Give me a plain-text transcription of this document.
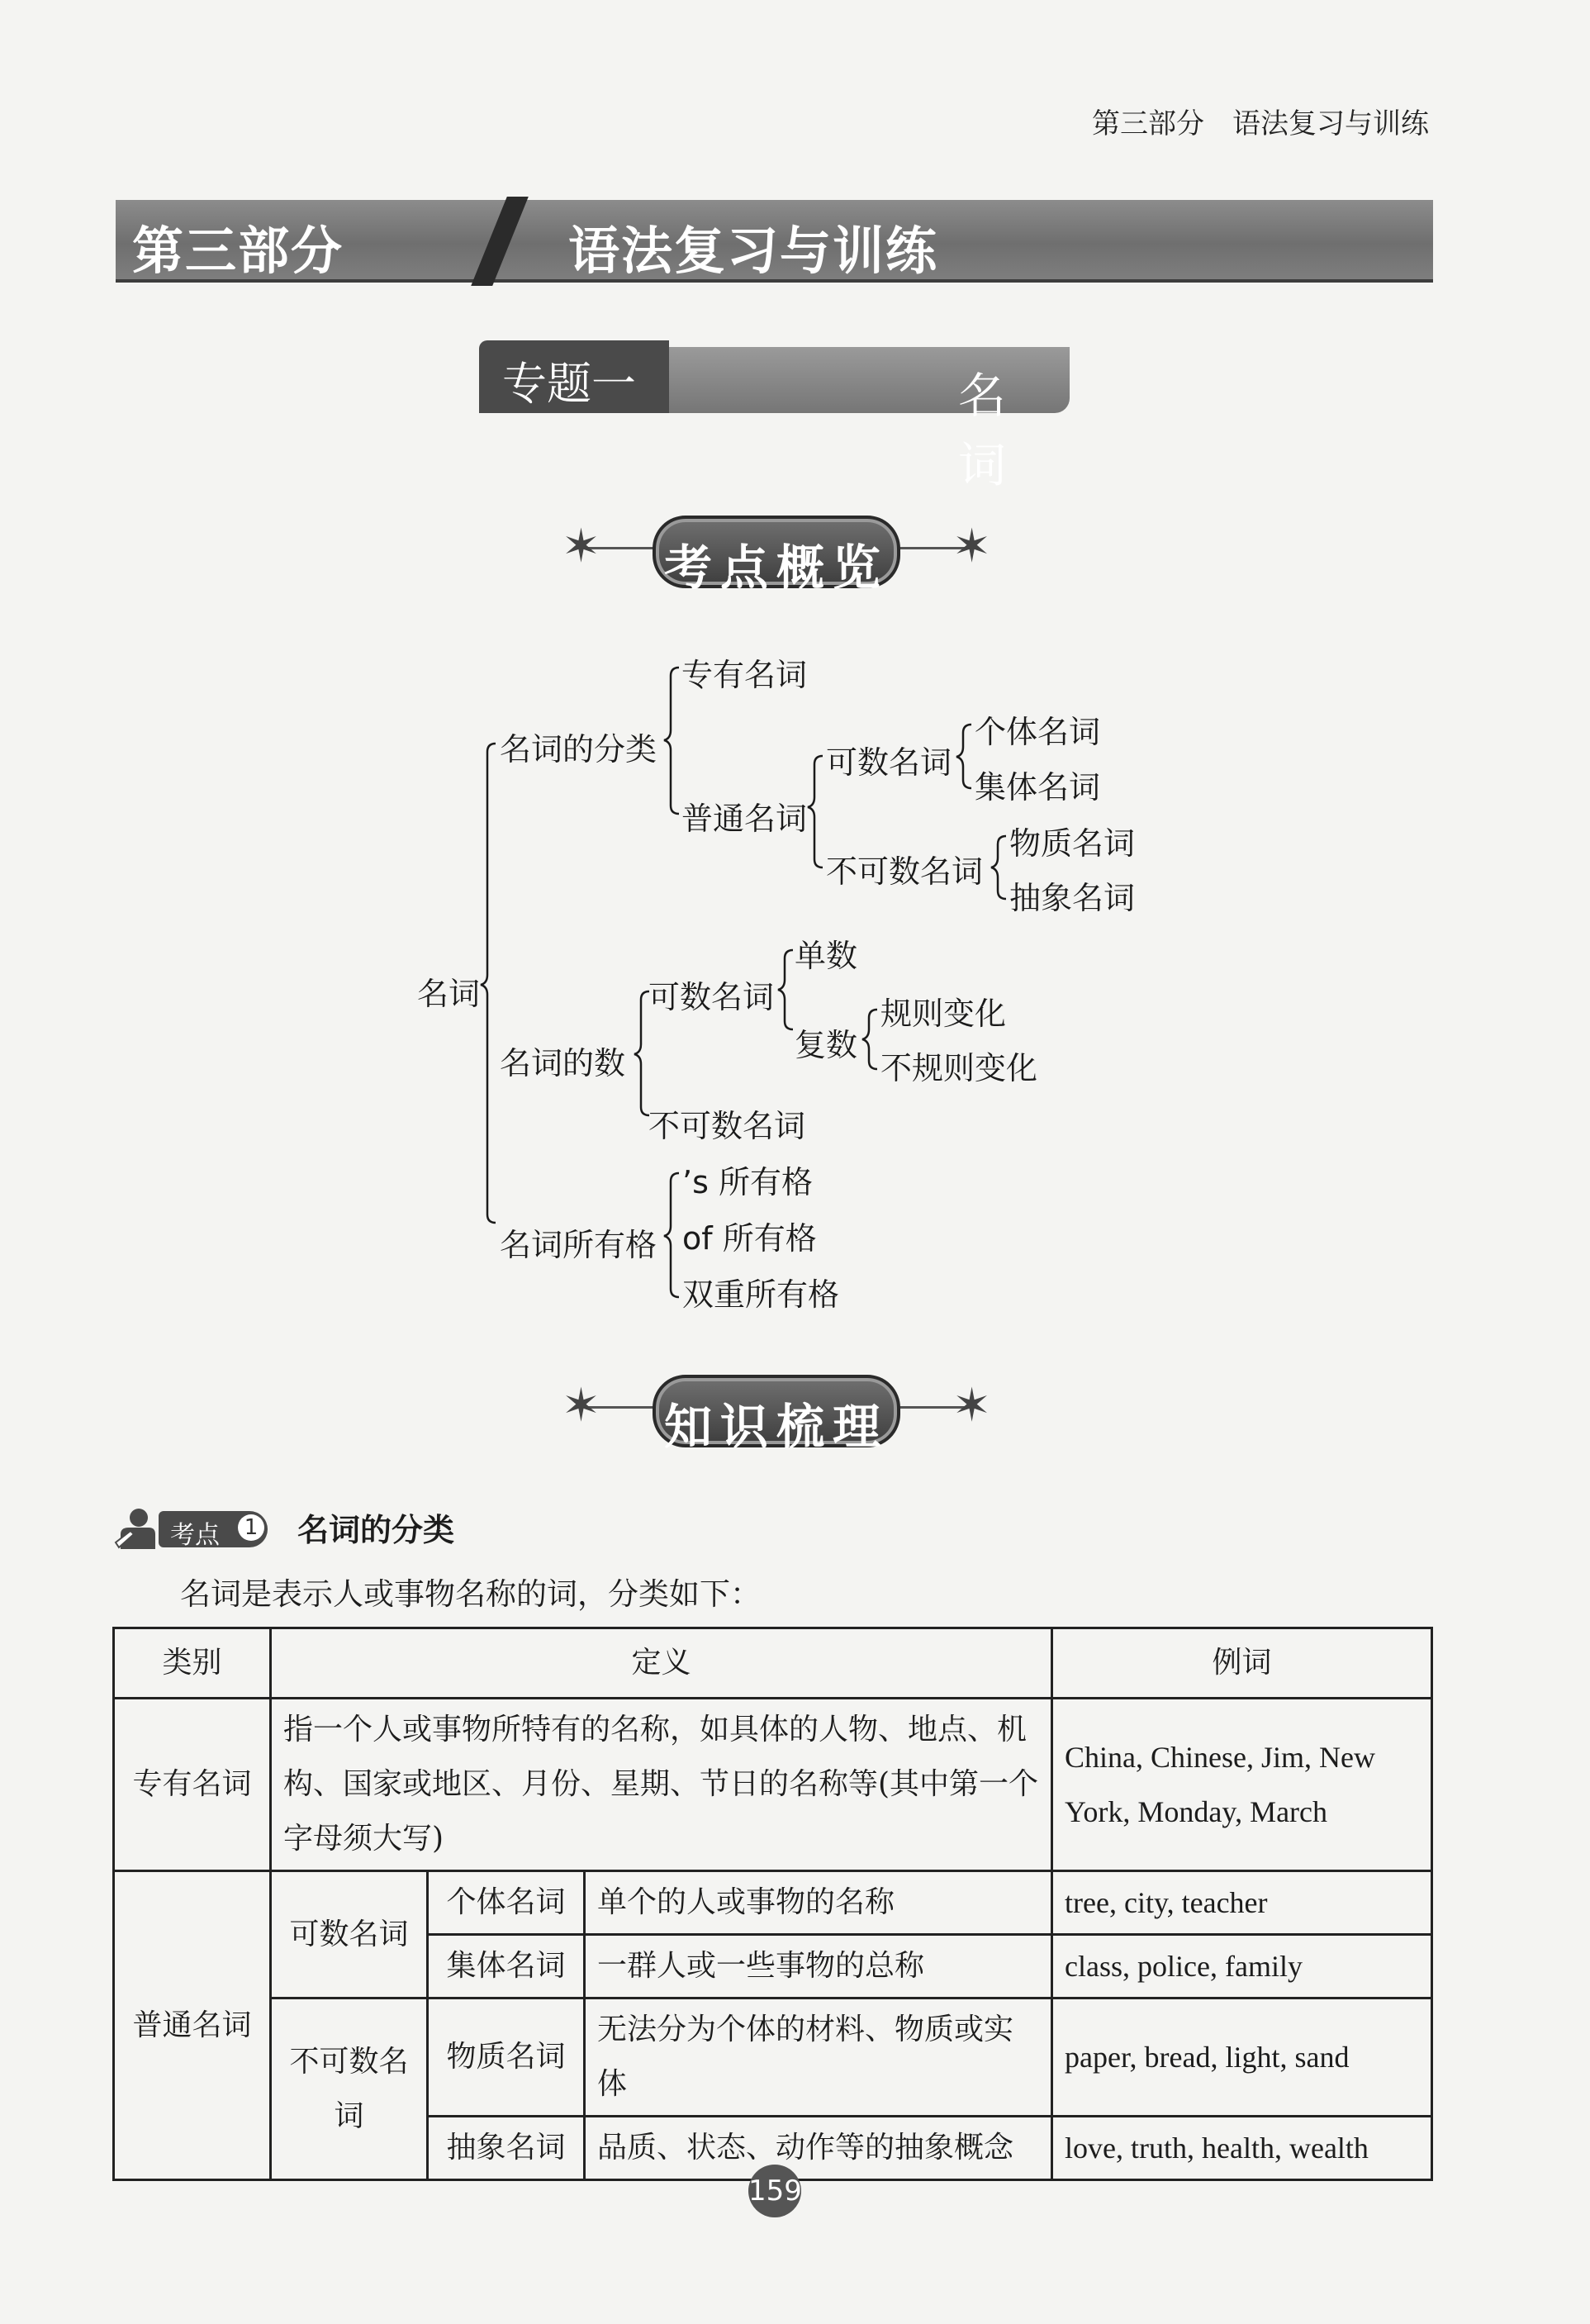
第三部分　语法复习与训练
第三部分	语法复习与训练
名　词
专题一
✶	✶
考点概览
名词
名词的分类
专有名词
普通名词
可数名词
个体名词
集体名词
不可数名词
物质名词
抽象名词
名词的数
可数名词
单数
复数
规则变化
不规则变化
不可数名词
名词所有格
’s 所有格
of 所有格
双重所有格
✶	✶
知识梳理
考点 1 名词的分类
名词是表示人或事物名称的词，分类如下：
类别	定义			例词
专有名词	指一个人或事物所特有的名称，如具体的人物、地点、机构、国家或地区、月份、星期、节日的名称等(其中第一个字母须大写)			China, Chinese, Jim, New York, Monday, March
普通名词	可数名词	个体名词	单个的人或事物的名称	tree, city, teacher
		集体名词	一群人或一些事物的总称	class, police, family
	不可数名词	物质名词	无法分为个体的材料、物质或实体	paper, bread, light, sand
		抽象名词	品质、状态、动作等的抽象概念	love, truth, health, wealth
159
